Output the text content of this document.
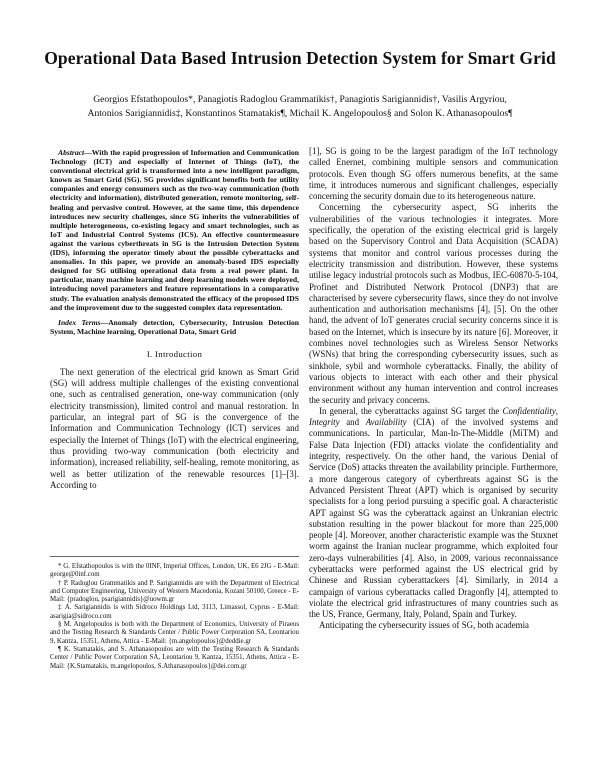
Operational Data Based Intrusion Detection System for Smart Grid
Georgios Efstathopoulos*, Panagiotis Radoglou Grammatikis†, Panagiotis Sarigiannidis†, Vasilis Argyriou,
Antonios Sarigiannidis‡, Konstantinos Stamatakis¶, Michail K. Angelopoulos§ and Solon K. Athanasopoulos¶

Abstract—With the rapid progression of Information and Communication Technology (ICT) and especially of Internet of Things (IoT), the conventional electrical grid is transformed into a new intelligent paradigm, known as Smart Grid (SG). SG provides significant benefits both for utility companies and energy consumers such as the two-way communication (both electricity and information), distributed generation, remote monitoring, self-healing and pervasive control. However, at the same time, this dependence introduces new security challenges, since SG inherits the vulnerabilities of multiple heterogeneous, co-existing legacy and smart technologies, such as IoT and Industrial Control Systems (ICS). An effective countermeasure against the various cyberthreats in SG is the Intrusion Detection System (IDS), informing the operator timely about the possible cyberattacks and anomalies. In this paper, we provide an anomaly-based IDS especially designed for SG utilising operational data from a real power plant. In particular, many machine learning and deep learning models were deployed, introducing novel parameters and feature representations in a comparative study. The evaluation analysis demonstrated the efficacy of the proposed IDS and the improvement due to the suggested complex data representation.

Index Terms—Anomaly detection, Cybersecurity, Intrusion Detection System, Machine learning, Operational Data, Smart Grid

I. Introduction

The next generation of the electrical grid known as Smart Grid (SG) will address multiple challenges of the existing conventional one, such as centralised generation, one-way communication (only electricity transmission), limited control and manual restoration. In particular, an integral part of SG is the convergence of the Information and Communication Technology (ICT) services and especially the Internet of Things (IoT) with the electrical engineering, thus providing two-way communication (both electricity and information), increased reliability, self-healing, remote monitoring, as well as better utilization of the renewable resources [1]–[3]. According to

* G. Efstathopoulos is with the 0INF, Imperial Offices, London, UK, E6 2JG - E-Mail: george@0inf.com

† P. Radoglou Grammatikis and P. Sarigiannidis are with the Department of Electrical and Computer Engineering, University of Western Macedonia, Kozani 50100, Greece - E-Mail: {pradoglou, psarigiannidis}@uowm.gr

‡ A. Sarigiannidis is with Sidroco Holdings Ltd, 3113, Limassol, Cyprus - E-Mail: asarigia@sidroco.com

§ M. Angelopoulos is both with the Department of Economics, University of Piraeus and the Testing Research & Standards Center / Public Power Corporation SA, Leontariou 9, Kantza, 15351, Athens, Attica - E-Mail: {m.angelopoulos}@deddie.gr

¶ K. Stamatakis, and S. Athanasopoulos are with the Testing Research & Standards Center / Public Power Corporation SA, Leontariou 9, Kantza, 15351, Athens, Attica - E-Mail: {K.Stamatakis, m.angelopoulos, S.Athanasopoulos}@dei.com.gr

[1], SG is going to be the largest paradigm of the IoT technology called Enernet, combining multiple sensors and communication protocols. Even though SG offers numerous benefits, at the same time, it introduces numerous and significant challenges, especially concerning the security domain due to its heterogeneous nature.

Concerning the cybersecurity aspect, SG inherits the vulnerabilities of the various technologies it integrates. More specifically, the operation of the existing electrical grid is largely based on the Supervisory Control and Data Acquisition (SCADA) systems that monitor and control various processes during the electricity transmission and distribution. However, these systems utilise legacy industrial protocols such as Modbus, IEC-60870-5-104, Profinet and Distributed Network Protocol (DNP3) that are characterised by severe cybersecurity flaws, since they do not involve authentication and authorisation mechanisms [4], [5]. On the other hand, the advent of IoT generates crucial security concerns since it is based on the Internet, which is insecure by its nature [6]. Moreover, it combines novel technologies such as Wireless Sensor Networks (WSNs) that bring the corresponding cybersecurity issues, such as sinkhole, sybil and wormhole cyberattacks. Finally, the ability of various objects to interact with each other and their physical environment without any human intervention and control increases the security and privacy concerns.

In general, the cyberattacks against SG target the Confidentiality, Integrity and Availability (CIA) of the involved systems and communications. In particular, Man-In-The-Middle (MiTM) and False Data Injection (FDI) attacks violate the confidentiality and integrity, respectively. On the other hand, the various Denial of Service (DoS) attacks threaten the availability principle. Furthermore, a more dangerous category of cyberthreats against SG is the Advanced Persistent Threat (APT) which is organised by security specialists for a long period pursuing a specific goal. A characteristic APT against SG was the cyberattack against an Unkranian electric substation resulting in the power blackout for more than 225,000 people [4]. Moreover, another characteristic example was the Stuxnet worm against the Iranian nuclear programme, which exploited four zero-days vulnerabilities [4]. Also, in 2009, various reconnaissance cyberattacks were performed against the US electrical grid by Chinese and Russian cyberattackers [4]. Similarly, in 2014 a campaign of various cyberattacks called Dragonfly [4], attempted to violate the electrical grid infrastructures of many countries such as the US, France, Germany, Italy, Poland, Spain and Turkey.

Anticipating the cybersecurity issues of SG, both academia
